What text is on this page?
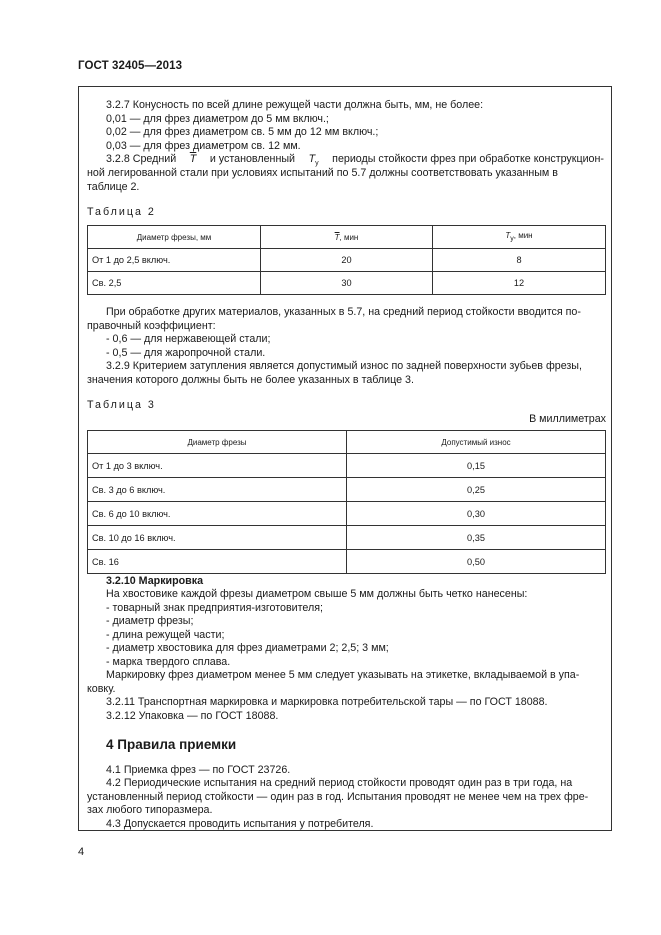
ГОСТ 32405—2013
3.2.7 Конусность по всей длине режущей части должна быть, мм, не более:
0,01 — для фрез диаметром до 5 мм включ.;
0,02 — для фрез диаметром св. 5 мм до 12 мм включ.;
0,03 — для фрез диаметром св. 12 мм.
3.2.8 Средний $\overline{T}$ и установленный $T_у$ периоды стойкости фрез при обработке конструкцион-
ной легированной стали при условиях испытаний по 5.7 должны соответствовать указанным в
таблице 2.
Таблица 2
Диаметр фрезы, мм	$\overline{T}$, мин	$T_у$, мин
От 1 до 2,5 включ.	20	8
Св. 2,5	30	12
При обработке других материалов, указанных в 5.7, на средний период стойкости вводится по-
правочный коэффициент:
- 0,6 — для нержавеющей стали;
- 0,5 — для жаропрочной стали.
3.2.9 Критерием затупления является допустимый износ по задней поверхности зубьев фрезы,
значения которого должны быть не более указанных в таблице 3.
Таблица 3
В миллиметрах
Диаметр фрезы	Допустимый износ
От 1 до 3 включ.	0,15
Св. 3 до 6 включ.	0,25
Св. 6 до 10 включ.	0,30
Св. 10 до 16 включ.	0,35
Св. 16	0,50
3.2.10 Маркировка
На хвостовике каждой фрезы диаметром свыше 5 мм должны быть четко нанесены:
- товарный знак предприятия-изготовителя;
- диаметр фрезы;
- длина режущей части;
- диаметр хвостовика для фрез диаметрами 2; 2,5; 3 мм;
- марка твердого сплава.
Маркировку фрез диаметром менее 5 мм следует указывать на этикетке, вкладываемой в упа-
ковку.
3.2.11 Транспортная маркировка и маркировка потребительской тары — по ГОСТ 18088.
3.2.12 Упаковка — по ГОСТ 18088.
4 Правила приемки
4.1 Приемка фрез — по ГОСТ 23726.
4.2 Периодические испытания на средний период стойкости проводят один раз в три года, на
установленный период стойкости — один раз в год. Испытания проводят не менее чем на трех фре-
зах любого типоразмера.
4.3 Допускается проводить испытания у потребителя.
4
